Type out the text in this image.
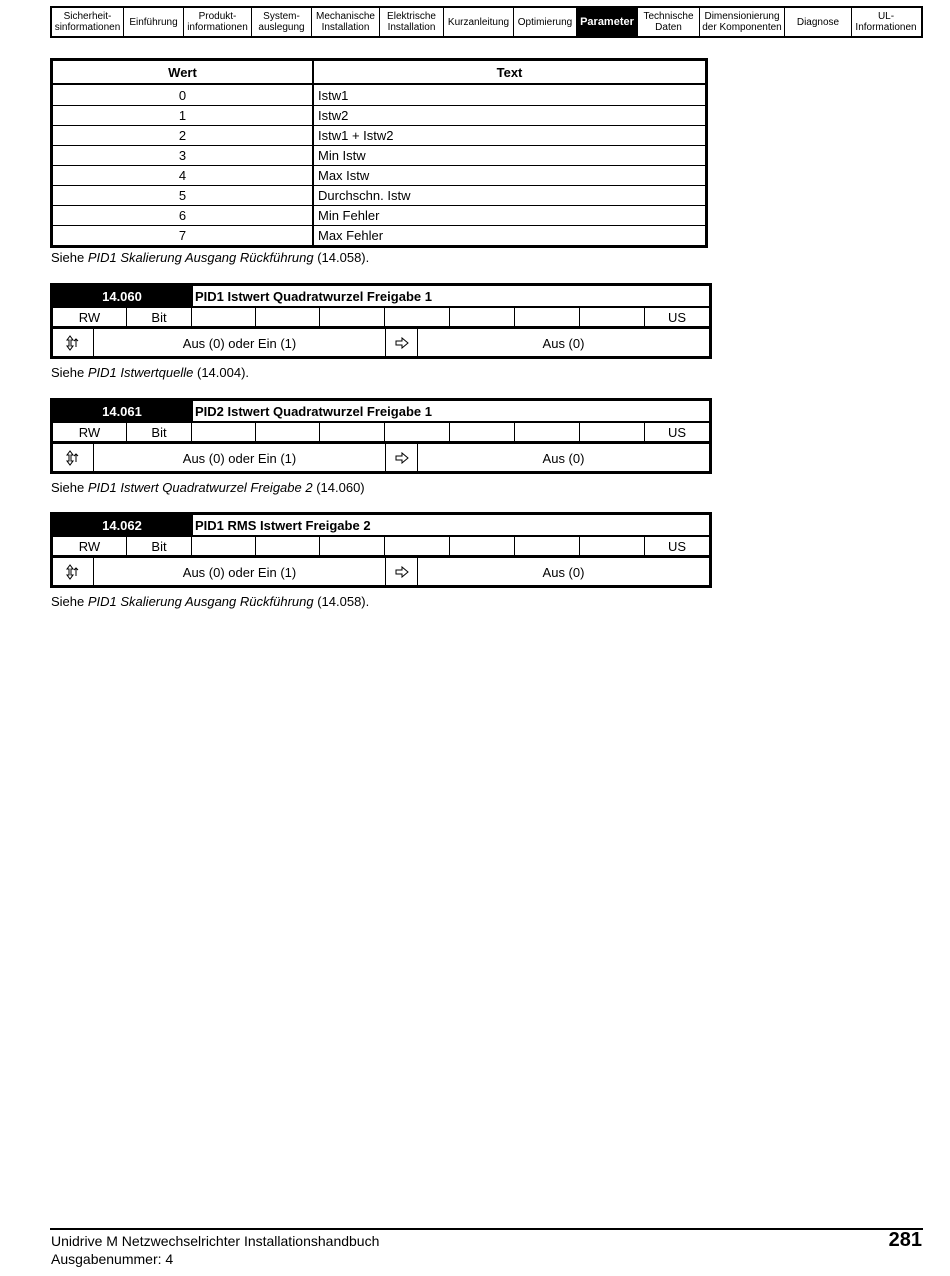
Sicherheit-
sinformationen Einführung	Produkt-
informationen
System-
auslegung
Mechanische
Installation
Elektrische
Installation	Kurzanleitung Optimierung Parameter Technische
Daten
Dimensionierung
der Komponenten	Diagnose	UL-
Informationen
Wert	Text
0	Istw1
1	Istw2
2	Istw1 + Istw2
3	Min Istw
4	Max Istw
5	Durchschn. Istw
6	Min Fehler
7	Max Fehler
Siehe PID1 Skalierung Ausgang Rückführung (14.058).
14.060	PID1 Istwert Quadratwurzel Freigabe 1
RW	Bit	US
Aus (0) oder Ein (1)	Aus (0)
Siehe PID1 Istwertquelle (14.004).
14.061	PID2 Istwert Quadratwurzel Freigabe 1
RW	Bit	US
Aus (0) oder Ein (1)	Aus (0)
Siehe PID1 Istwert Quadratwurzel Freigabe 2 (14.060)
14.062	PID1 RMS Istwert Freigabe 2
RW	Bit	US
Aus (0) oder Ein (1)	Aus (0)
Siehe PID1 Skalierung Ausgang Rückführung (14.058).
Unidrive M Netzwechselrichter Installationshandbuch
Ausgabenummer: 4
281
